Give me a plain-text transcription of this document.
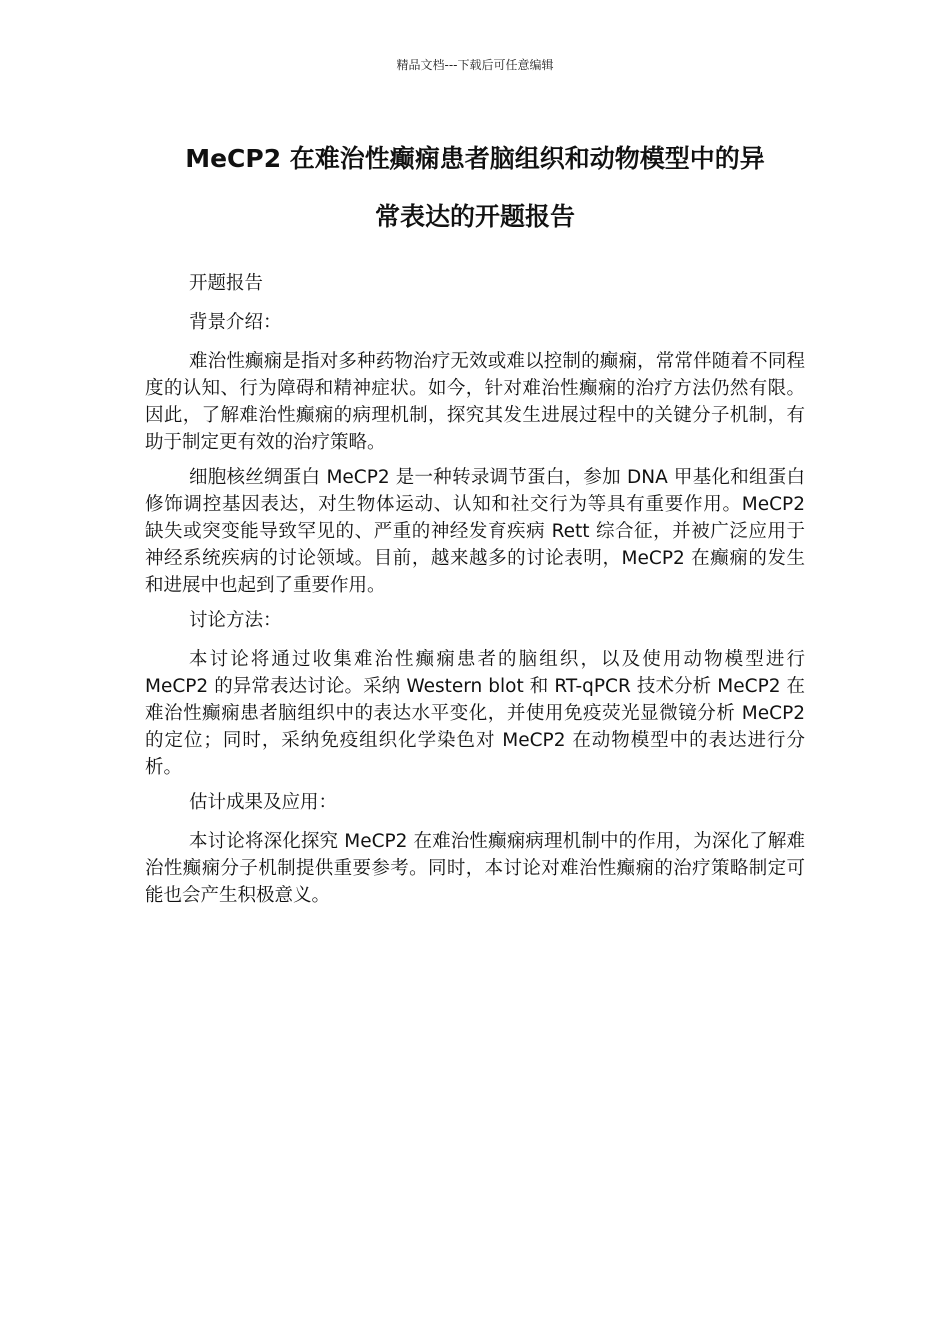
精品文档---下载后可任意编辑
MeCP2 在难治性癫痫患者脑组织和动物模型中的异
常表达的开题报告

开题报告

背景介绍：

难治性癫痫是指对多种药物治疗无效或难以控制的癫痫，常常伴随着不同程度的认知、行为障碍和精神症状。如今，针对难治性癫痫的治疗方法仍然有限。因此，了解难治性癫痫的病理机制，探究其发生进展过程中的关键分子机制，有助于制定更有效的治疗策略。

细胞核丝绸蛋白 MeCP2 是一种转录调节蛋白，参加 DNA 甲基化和组蛋白修饰调控基因表达，对生物体运动、认知和社交行为等具有重要作用。MeCP2 缺失或突变能导致罕见的、严重的神经发育疾病 Rett 综合征，并被广泛应用于神经系统疾病的讨论领域。目前，越来越多的讨论表明，MeCP2 在癫痫的发生和进展中也起到了重要作用。

讨论方法：

本讨论将通过收集难治性癫痫患者的脑组织，以及使用动物模型进行 MeCP2 的异常表达讨论。采纳 Western blot 和 RT-qPCR 技术分析 MeCP2 在难治性癫痫患者脑组织中的表达水平变化，并使用免疫荧光显微镜分析 MeCP2 的定位；同时，采纳免疫组织化学染色对 MeCP2 在动物模型中的表达进行分析。

估计成果及应用：

本讨论将深化探究 MeCP2 在难治性癫痫病理机制中的作用，为深化了解难治性癫痫分子机制提供重要参考。同时，本讨论对难治性癫痫的治疗策略制定可能也会产生积极意义。
